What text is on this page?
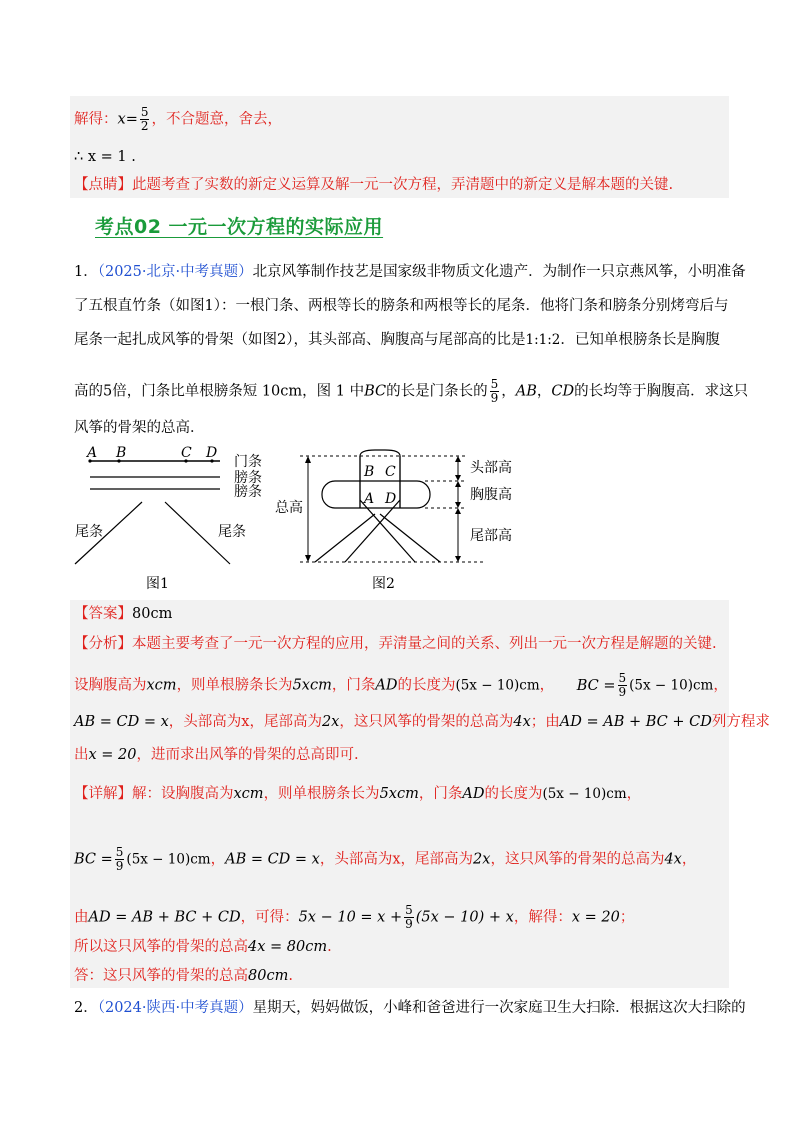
解得：$x= \frac{5}{2}$ ，不合题意，舍去，
∴ x = 1 .
【点睛】此题考查了实数的新定义运算及解一元一次方程，弄清题中的新定义是解本题的关键.
考点02 一元一次方程的实际应用
1．（2025·北京·中考真题）北京风筝制作技艺是国家级非物质文化遗产．为制作一只京燕风筝，小明准备
了五根直竹条（如图1）：一根门条、两根等长的膀条和两根等长的尾条．他将门条和膀条分别烤弯后与
尾条一起扎成风筝的骨架（如图2），其头部高、胸腹高与尾部高的比是1:1:2．已知单根膀条长是胸腹
高的5倍，门条比单根膀条短 10cm，图 1 中BC的长是门条长的 $\frac{5}{9}$ ，AB，CD的长均等于胸腹高．求这只
风筝的骨架的总高．
A B	C D
门条
膀条
膀条
尾条	尾条
图1
B C
A D
总高
头部高
胸腹高
尾部高
图2
【答案】80cm
【分析】本题主要考查了一元一次方程的应用，弄清量之间的关系、列出一元一次方程是解题的关键.
设胸腹高为xcm，则单根膀条长为5xcm，门条AD的长度为(5x − 10)cm， BC = $\frac{5}{9} (5x - 10)cm$，
AB = CD = x，头部高为x，尾部高为2x，这只风筝的骨架的总高为4x；由AD = AB + BC + CD列方程求
出x = 20，进而求出风筝的骨架的总高即可.
【详解】解：设胸腹高为xcm，则单根膀条长为5xcm，门条AD的长度为(5x − 10)cm，
BC = $\frac{5}{9} (5x - 10)cm$，AB = CD = x，头部高为x，尾部高为2x，这只风筝的骨架的总高为4x，
由AD = AB + BC + CD，可得：$5x - 10 = x + \frac{5}{9} (5x - 10) + x$，解得：x = 20；
所以这只风筝的骨架的总高4x = 80cm.
答：这只风筝的骨架的总高80cm.
2．（2024·陕西·中考真题）星期天，妈妈做饭，小峰和爸爸进行一次家庭卫生大扫除．根据这次大扫除的
